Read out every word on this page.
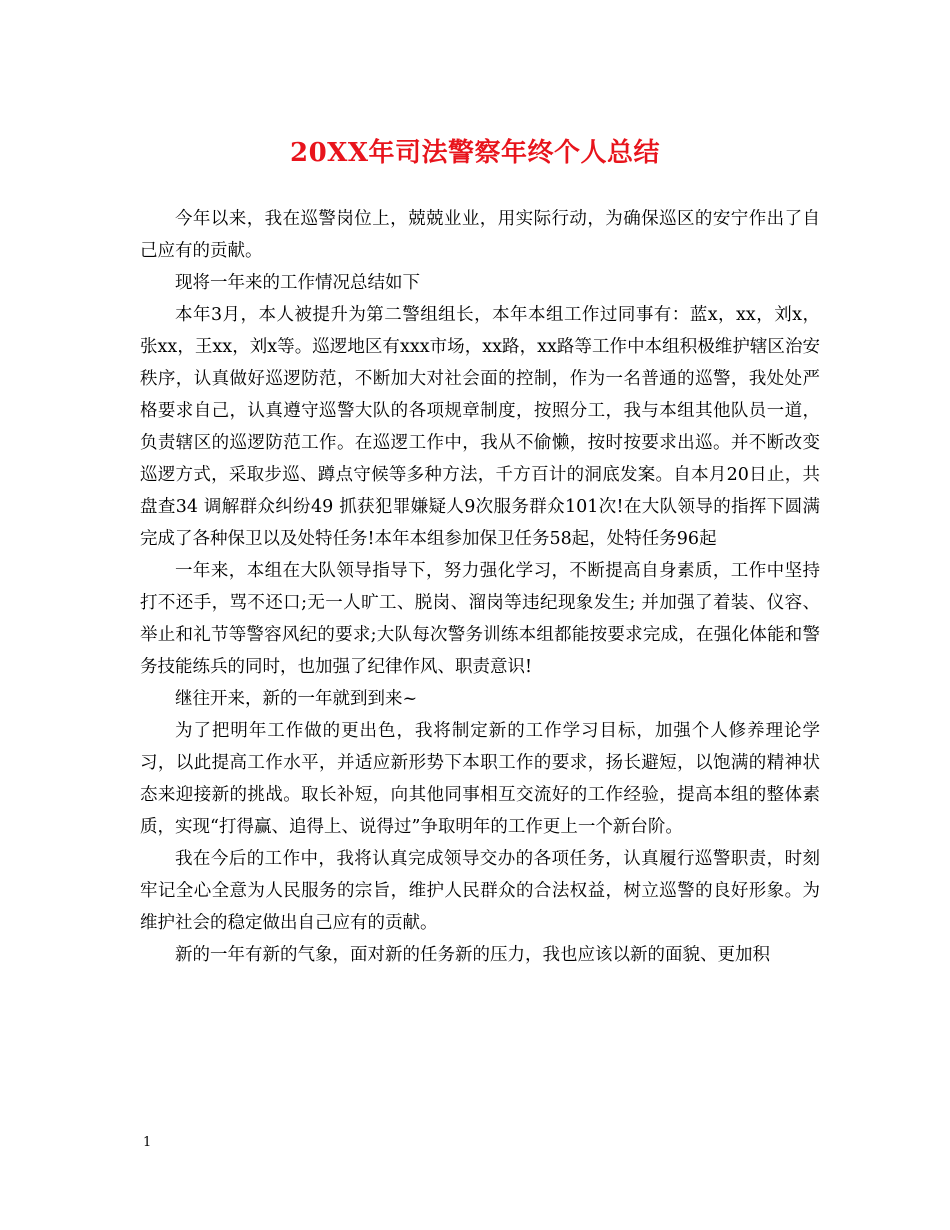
20XX年司法警察年终个人总结

今年以来，我在巡警岗位上，兢兢业业，用实际行动，为确保巡区的安宁作出了自己应有的贡献。

现将一年来的工作情况总结如下

本年3月，本人被提升为第二警组组长，本年本组工作过同事有：蓝x，xx，刘x，张xx，王xx，刘x等。巡逻地区有xxx市场，xx路，xx路等工作中本组积极维护辖区治安秩序，认真做好巡逻防范，不断加大对社会面的控制，作为一名普通的巡警，我处处严格要求自己，认真遵守巡警大队的各项规章制度，按照分工，我与本组其他队员一道，负责辖区的巡逻防范工作。在巡逻工作中，我从不偷懒，按时按要求出巡。并不断改变巡逻方式，采取步巡、蹲点守候等多种方法，千方百计的洞底发案。自本月20日止，共盘查34 调解群众纠纷49 抓获犯罪嫌疑人9次服务群众101次!在大队领导的指挥下圆满完成了各种保卫以及处特任务!本年本组参加保卫任务58起，处特任务96起

一年来，本组在大队领导指导下，努力强化学习，不断提高自身素质，工作中坚持打不还手，骂不还口;无一人旷工、脱岗、溜岗等违纪现象发生; 并加强了着装、仪容、举止和礼节等警容风纪的要求;大队每次警务训练本组都能按要求完成，在强化体能和警务技能练兵的同时，也加强了纪律作风、职责意识!

继往开来，新的一年就到到来~

为了把明年工作做的更出色，我将制定新的工作学习目标，加强个人修养理论学习，以此提高工作水平，并适应新形势下本职工作的要求，扬长避短，以饱满的精神状态来迎接新的挑战。取长补短，向其他同事相互交流好的工作经验，提高本组的整体素质，实现“打得赢、追得上、说得过”争取明年的工作更上一个新台阶。

我在今后的工作中，我将认真完成领导交办的各项任务，认真履行巡警职责，时刻牢记全心全意为人民服务的宗旨，维护人民群众的合法权益，树立巡警的良好形象。为维护社会的稳定做出自己应有的贡献。

新的一年有新的气象，面对新的任务新的压力，我也应该以新的面貌、更加积

1
